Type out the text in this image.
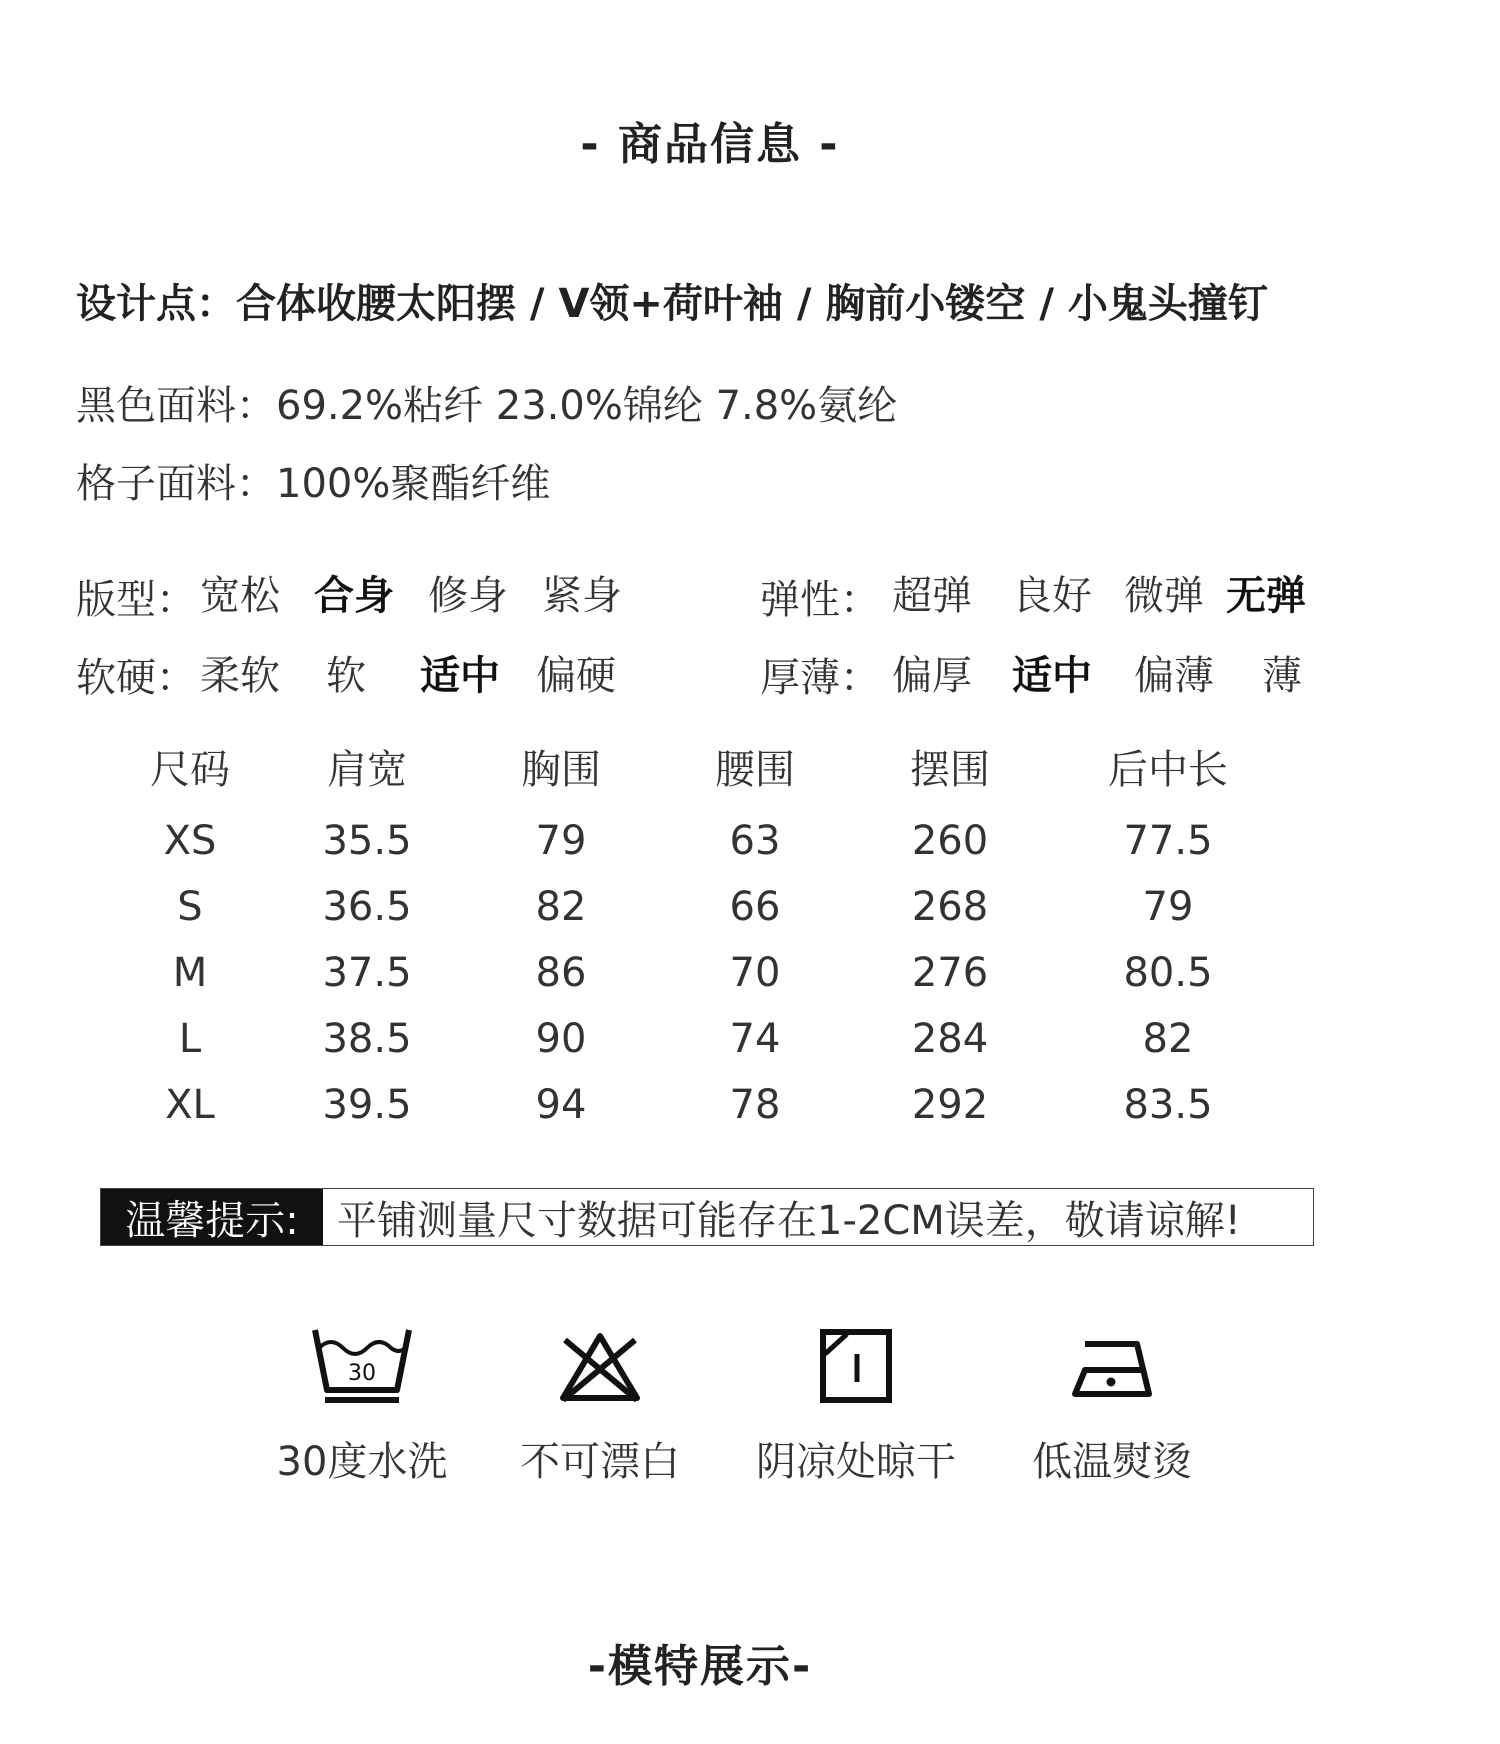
- 商品信息 -
设计点：合体收腰太阳摆 / V领+荷叶袖 / 胸前小镂空 / 小鬼头撞钉
黑色面料：69.2%粘纤 23.0%锦纶 7.8%氨纶
格子面料：100%聚酯纤维
版型： 宽松 合身 修身 紧身	弹性： 超弹 良好 微弹 无弹
软硬： 柔软 软 适中 偏硬	厚薄： 偏厚 适中 偏薄 薄
尺码	肩宽	胸围	腰围	摆围	后中长
XS	35.5	79	63	260	77.5
S	36.5	82	66	268	79
M	37.5	86	70	276	80.5
L	38.5	90	74	284	82
XL	39.5	94	78	292	83.5
温馨提示: 平铺测量尺寸数据可能存在1-2CM误差，敬请谅解!
30
30度水洗	不可漂白	阴凉处晾干	低温熨烫
-模特展示-
